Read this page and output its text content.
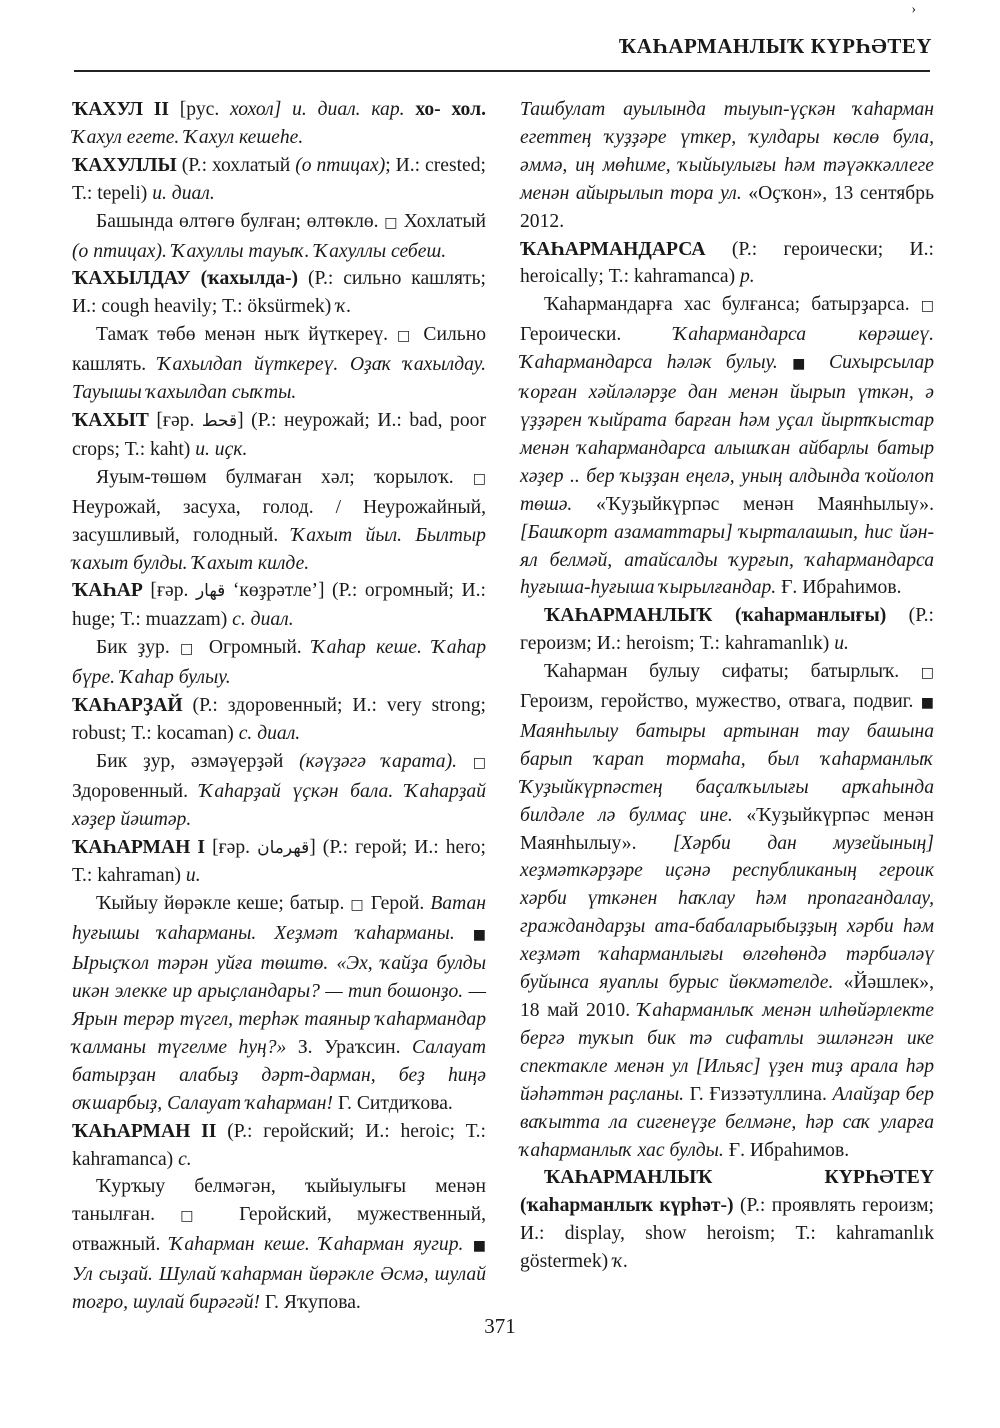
›
ҠАҺАРМАНЛЫҠ КҮРҺӘТЕҮ

ҠАХУЛ II [рус. хохол] и. диал. кар. хо- хол. Ҡахул егете. Ҡахул кешеһе.

ҠАХУЛЛЫ (Р.: хохлатый (о птицах); И.: crested; Т.: tepeli) и. диал.

Башында өлтөгө булған; өлтөклө. □ Хохлатый (о птицах). Ҡахуллы тауыҡ. Ҡахуллы себеш.

ҠАХЫЛДАУ (ҡахылда-) (Р.: сильно кашлять; И.: cough heavily; Т.: öksürmek) ҡ.

Тамаҡ төбө менән ныҡ йүткереү. □ Сильно кашлять. Ҡахылдап йүткереү. Оҙаҡ ҡахылдау. Тауышы ҡахылдап сыҡты.

ҠАХЫТ [ғәр. قحط] (Р.: неурожай; И.: bad, poor crops; Т.: kaht) и. иҫк.

Яуым-төшөм булмаған хәл; ҡорылоҡ. □ Неурожай, засуха, голод. / Неурожайный, засушливый, голодный. Ҡахыт йыл. Былтыр ҡахыт булды. Ҡахыт килде.

ҠАҺАР [ғәр. قهار ‘көҙрәтле’] (Р.: огромный; И.: huge; Т.: muazzam) с. диал.

Бик ҙур. □ Огромный. Ҡаһар кеше. Ҡаһар бүре. Ҡаһар булыу.

ҠАҺАРҘАЙ (Р.: здоровенный; И.: very strong; robust; Т.: kocaman) с. диал.

Бик ҙур, әзмәүерҙәй (кәүҙәгә ҡарата). □ Здоровенный. Ҡаһарҙай үҫкән бала. Ҡаһарҙай хәҙер йәштәр.

ҠАҺАРМАН I [ғәр. قهرمان] (Р.: герой; И.: hero; Т.: kahraman) и.

Ҡыйыу йөрәкле кеше; батыр. □ Герой. Ватан һуғышы ҡаһарманы. Хеҙмәт ҡаһарманы. ■ Ырыҫҡол тәрән уйға төштө. «Эх, ҡайҙа булды икән элекке ир арыҫландары? — тип бошонҙо. — Ярын терәр түгел, терһәк таяныр ҡаһармандар ҡалманы түгелме һуң?» З. Ураҡсин. Салауат батырҙан алабыҙ дәрт-дарман, беҙ һиңә оҡшарбыҙ, Салауат ҡаһарман! Г. Ситдиҡова.

ҠАҺАРМАН II (Р.: геройский; И.: heroic; Т.: kahramanca) с.

Ҡурҡыу белмәгән, ҡыйыулығы менән танылған. □ Геройский, мужественный, отважный. Ҡаһарман кеше. Ҡаһарман яугир. ■ Ул сыҙай. Шулай ҡаһарман йөрәкле Әсмә, шулай тоғро, шулай бирәгәй! Г. Яҡупова.

Ташбулат ауылында тыуып-үҫкән ҡаһарман егеттең ҡуҙҙәре үткер, ҡулдары көслө була, әммә, иң мөһиме, ҡыйыулығы һәм тәүәккәллеге менән айырылып тора ул. «Оҫҡон», 13 сентябрь 2012.

ҠАҺАРМАНДАРСА (Р.: героически; И.: heroically; Т.: kahramanca) р.

Ҡаһармандарға хас булғанса; батырҙарса. □ Героически. Ҡаһармандарса көрәшеү. Ҡаһармандарса һәләк булыу. ■ Сихырсылар ҡорған хәйләләрҙе дан менән йырып үткән, ә үҙҙәрен ҡыйрата барған һәм уҫал йыртҡыстар менән ҡаһармандарса алышҡан айбарлы батыр хәҙер .. бер ҡыҙҙан еңелә, уның алдында ҡойолоп төшә. «Ҡуҙыйкүрпәс менән Маянһылыу». [Башҡорт азаматтары] ҡырталашып, һис йән-ял белмәй, атайсалды ҡурғып, ҡаһармандарса һуғыша-һуғыша ҡырылғандар. Ғ. Ибраһимов.

ҠАҺАРМАНЛЫҠ (ҡаһарманлығы) (Р.: героизм; И.: heroism; Т.: kahramanlık) и.

Ҡаһарман булыу сифаты; батырлыҡ. □ Героизм, геройство, мужество, отвага, подвиг. ■ Маянһылыу батыры артынан тау башына барып ҡарап тормаһа, был ҡаһарманлыҡ Ҡуҙыйкүрпәстең баҫалҡылығы арҡаһында билдәле лә булмаҫ ине. «Ҡуҙыйкүрпәс менән Маянһылыу». [Хәрби дан музейының] хеҙмәткәрҙәре иҫәнә республиканың героик хәрби үткәнен һаҡлау һәм пропагандалау, граждандарҙы ата-бабаларыбыҙҙың хәрби һәм хеҙмәт ҡаһарманлығы өлгөһөндә тәрбиәләү буйынса яуаплы бурыс йөкмәтелде. «Йәшлек», 18 май 2010. Ҡаһарманлыҡ менән илһөйәрлекте бергә туҡып бик тә сифатлы эшләнгән ике спектакле менән ул [Ильяс] үҙен тиҙ арала һәр йәһәттән раҫланы. Г. Ғиззәтуллина. Алайҙар бер ваҡытта ла сигенеүҙе белмәне, һәр саҡ уларға ҡаһарманлыҡ хас булды. Ғ. Ибраһимов.

ҠАҺАРМАНЛЫҠ КҮРҺӘТЕҮ (ҡаһарманлыҡ күрһәт-) (Р.: проявлять героизм; И.: display, show heroism; Т.: kahramanlık göstermek) ҡ.

371
